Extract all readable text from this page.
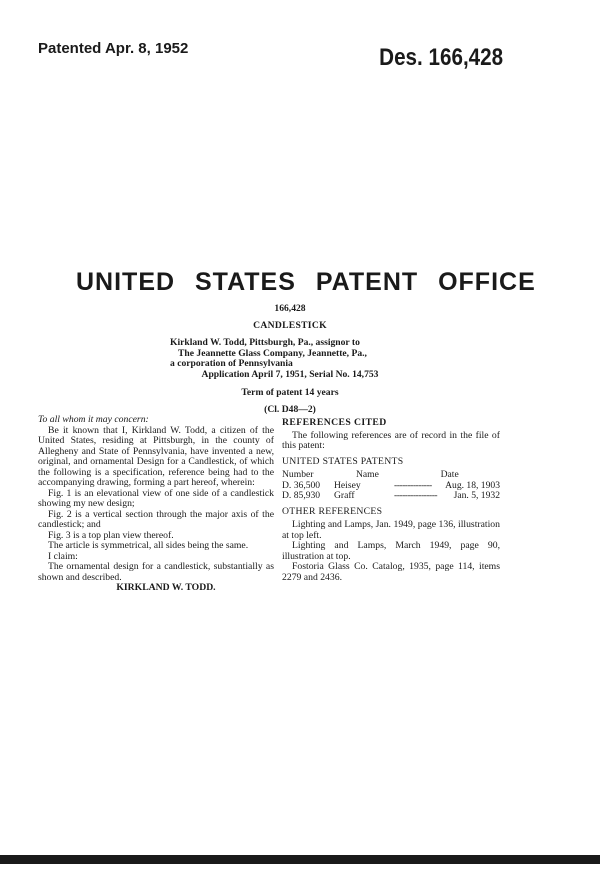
Patented Apr. 8, 1952	Des. 166,428
UNITED STATES PATENT OFFICE
166,428
CANDLESTICK
Kirkland W. Todd, Pittsburgh, Pa., assignor to
The Jeannette Glass Company, Jeannette, Pa.,
a corporation of Pennsylvania
Application April 7, 1951, Serial No. 14,753
Term of patent 14 years
(Cl. D48—2)

To all whom it may concern:

Be it known that I, Kirkland W. Todd, a citizen of the United States, residing at Pittsburgh, in the county of Allegheny and State of Pennsylvania, have invented a new, original, and ornamental Design for a Candlestick, of which the following is a specification, reference being had to the accompanying drawing, forming a part hereof, wherein:

Fig. 1 is an elevational view of one side of a candlestick showing my new design;

Fig. 2 is a vertical section through the major axis of the candlestick; and

Fig. 3 is a top plan view thereof.

The article is symmetrical, all sides being the same.

I claim:

The ornamental design for a candlestick, substantially as shown and described.

KIRKLAND W. TODD.

REFERENCES CITED

The following references are of record in the file of this patent:

UNITED STATES PATENTS

Number	Name		Date
D. 36,500	Heisey	--------------	Aug. 18, 1903
D. 85,930	Graff	----------------	Jan. 5, 1932

OTHER REFERENCES

Lighting and Lamps, Jan. 1949, page 136, illustration at top left.

Lighting and Lamps, March 1949, page 90, illustration at top.

Fostoria Glass Co. Catalog, 1935, page 114, items 2279 and 2436.
